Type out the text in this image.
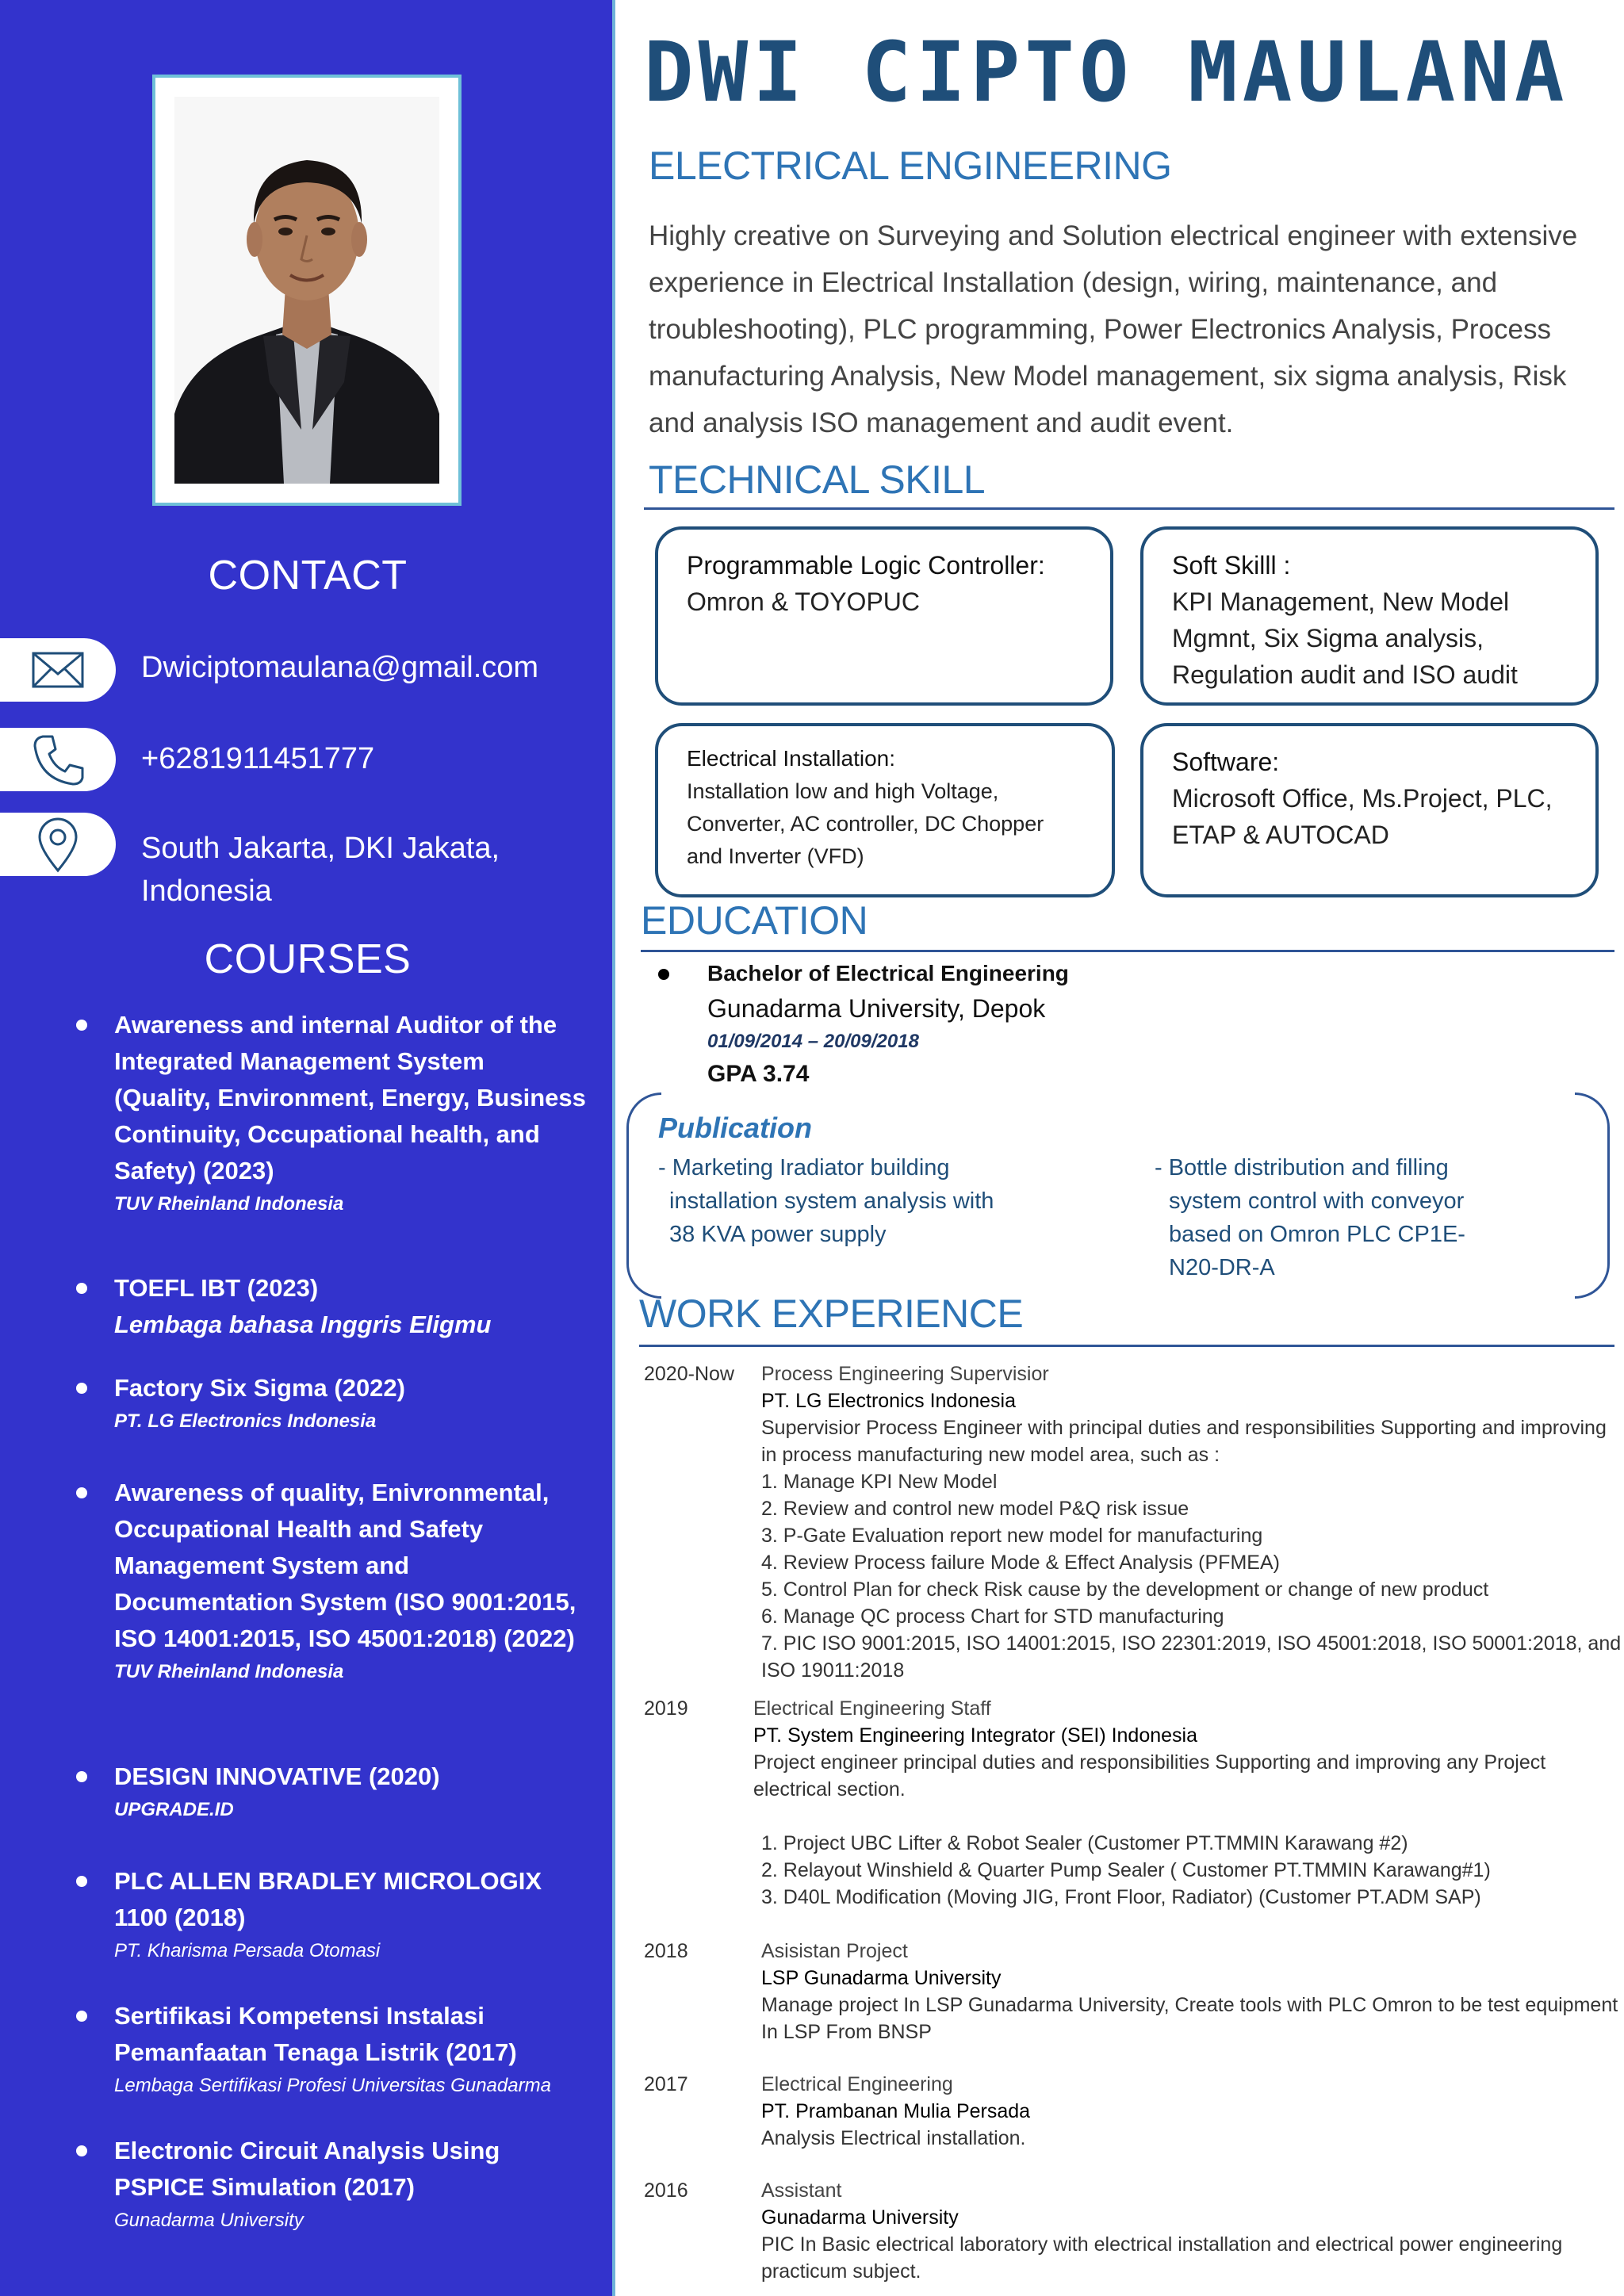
CONTACT
Dwiciptomaulana@gmail.com
+6281911451777
South Jakarta, DKI Jakata,
Indonesia
COURSES
Awareness and internal Auditor of the Integrated Management System (Quality, Environment, Energy, Business Continuity, Occupational health, and Safety) (2023)
TUV Rheinland Indonesia
TOEFL IBT (2023)
Lembaga bahasa Inggris Eligmu
Factory Six Sigma (2022)
PT. LG Electronics Indonesia
Awareness of quality, Enivronmental, Occupational Health and Safety Management System and Documentation System (ISO 9001:2015, ISO 14001:2015, ISO 45001:2018) (2022)
TUV Rheinland Indonesia
DESIGN INNOVATIVE (2020)
UPGRADE.ID
PLC ALLEN BRADLEY MICROLOGIX 1100 (2018)
PT. Kharisma Persada Otomasi
Sertifikasi Kompetensi Instalasi Pemanfaatan Tenaga Listrik (2017)
Lembaga Sertifikasi Profesi Universitas Gunadarma
Electronic Circuit Analysis Using PSPICE Simulation (2017)
Gunadarma University
DWI CIPTO MAULANA
ELECTRICAL ENGINEERING
Highly creative on Surveying and Solution electrical engineer with extensive experience in Electrical Installation (design, wiring, maintenance, and troubleshooting), PLC programming, Power Electronics Analysis, Process manufacturing Analysis, New Model management, six sigma analysis, Risk and analysis ISO management and audit event.
TECHNICAL SKILL
Programmable Logic Controller:
Omron & TOYOPUC
Soft Skilll :
KPI Management, New Model Mgmnt, Six Sigma analysis, Regulation audit and ISO audit
Electrical Installation:
Installation low and high Voltage, Converter, AC controller, DC Chopper and Inverter (VFD)
Software:
Microsoft Office, Ms.Project, PLC, ETAP & AUTOCAD
EDUCATION
Bachelor of Electrical Engineering
Gunadarma University, Depok
01/09/2014 – 20/09/2018
GPA 3.74
Publication
- Marketing Iradiator building installation system analysis with 38 KVA power supply
- Bottle distribution and filling system control with conveyor based on Omron PLC CP1E-N20-DR-A
WORK EXPERIENCE
2020-Now Process Engineering Supervisior
PT. LG Electronics Indonesia
Supervisior Process Engineer with principal duties and responsibilities Supporting and improving in process manufacturing new model area, such as :
1. Manage KPI New Model
2. Review and control new model P&Q risk issue
3. P-Gate Evaluation report new model for manufacturing
4. Review Process failure Mode & Effect Analysis (PFMEA)
5. Control Plan for check Risk cause by the development or change of new product
6. Manage QC process Chart for STD manufacturing
7. PIC ISO 9001:2015, ISO 14001:2015, ISO 22301:2019, ISO 45001:2018, ISO 50001:2018, and ISO 19011:2018
2019	Electrical Engineering Staff
PT. System Engineering Integrator (SEI) Indonesia
Project engineer principal duties and responsibilities Supporting and improving any Project electrical section.
1. Project UBC Lifter & Robot Sealer (Customer PT.TMMIN Karawang #2)
2. Relayout Winshield & Quarter Pump Sealer ( Customer PT.TMMIN Karawang#1)
3. D40L Modification (Moving JIG, Front Floor, Radiator) (Customer PT.ADM SAP)
2018	Asisistan Project
LSP Gunadarma University
Manage project In LSP Gunadarma University, Create tools with PLC Omron to be test equipment In LSP From BNSP
2017	Electrical Engineering
PT. Prambanan Mulia Persada
Analysis Electrical installation.
2016	Assistant
Gunadarma University
PIC In Basic electrical laboratory with electrical installation and electrical power engineering practicum subject.
